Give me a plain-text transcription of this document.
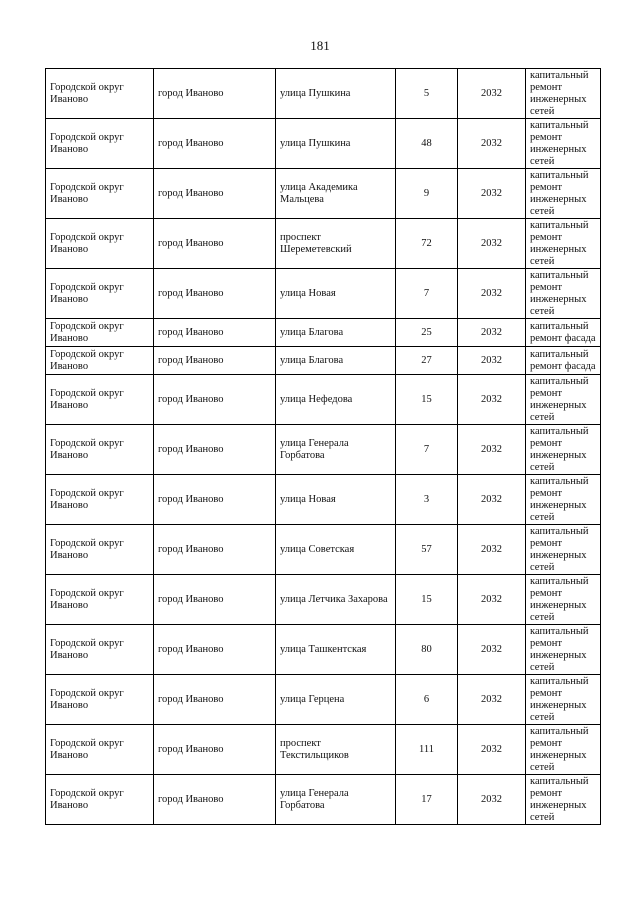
181
Городской округ Иваново	город Иваново	улица Пушкина	5	2032	капитальный ремонт инженерных сетей
Городской округ Иваново	город Иваново	улица Пушкина	48	2032	капитальный ремонт инженерных сетей
Городской округ Иваново	город Иваново	улица Академика Мальцева	9	2032	капитальный ремонт инженерных сетей
Городской округ Иваново	город Иваново	проспект Шереметевский	72	2032	капитальный ремонт инженерных сетей
Городской округ Иваново	город Иваново	улица Новая	7	2032	капитальный ремонт инженерных сетей
Городской округ Иваново	город Иваново	улица Благова	25	2032	капитальный ремонт фасада
Городской округ Иваново	город Иваново	улица Благова	27	2032	капитальный ремонт фасада
Городской округ Иваново	город Иваново	улица Нефедова	15	2032	капитальный ремонт инженерных сетей
Городской округ Иваново	город Иваново	улица Генерала Горбатова	7	2032	капитальный ремонт инженерных сетей
Городской округ Иваново	город Иваново	улица Новая	3	2032	капитальный ремонт инженерных сетей
Городской округ Иваново	город Иваново	улица Советская	57	2032	капитальный ремонт инженерных сетей
Городской округ Иваново	город Иваново	улица Летчика Захарова	15	2032	капитальный ремонт инженерных сетей
Городской округ Иваново	город Иваново	улица Ташкентская	80	2032	капитальный ремонт инженерных сетей
Городской округ Иваново	город Иваново	улица Герцена	6	2032	капитальный ремонт инженерных сетей
Городской округ Иваново	город Иваново	проспект Текстильщиков	111	2032	капитальный ремонт инженерных сетей
Городской округ Иваново	город Иваново	улица Генерала Горбатова	17	2032	капитальный ремонт инженерных сетей
